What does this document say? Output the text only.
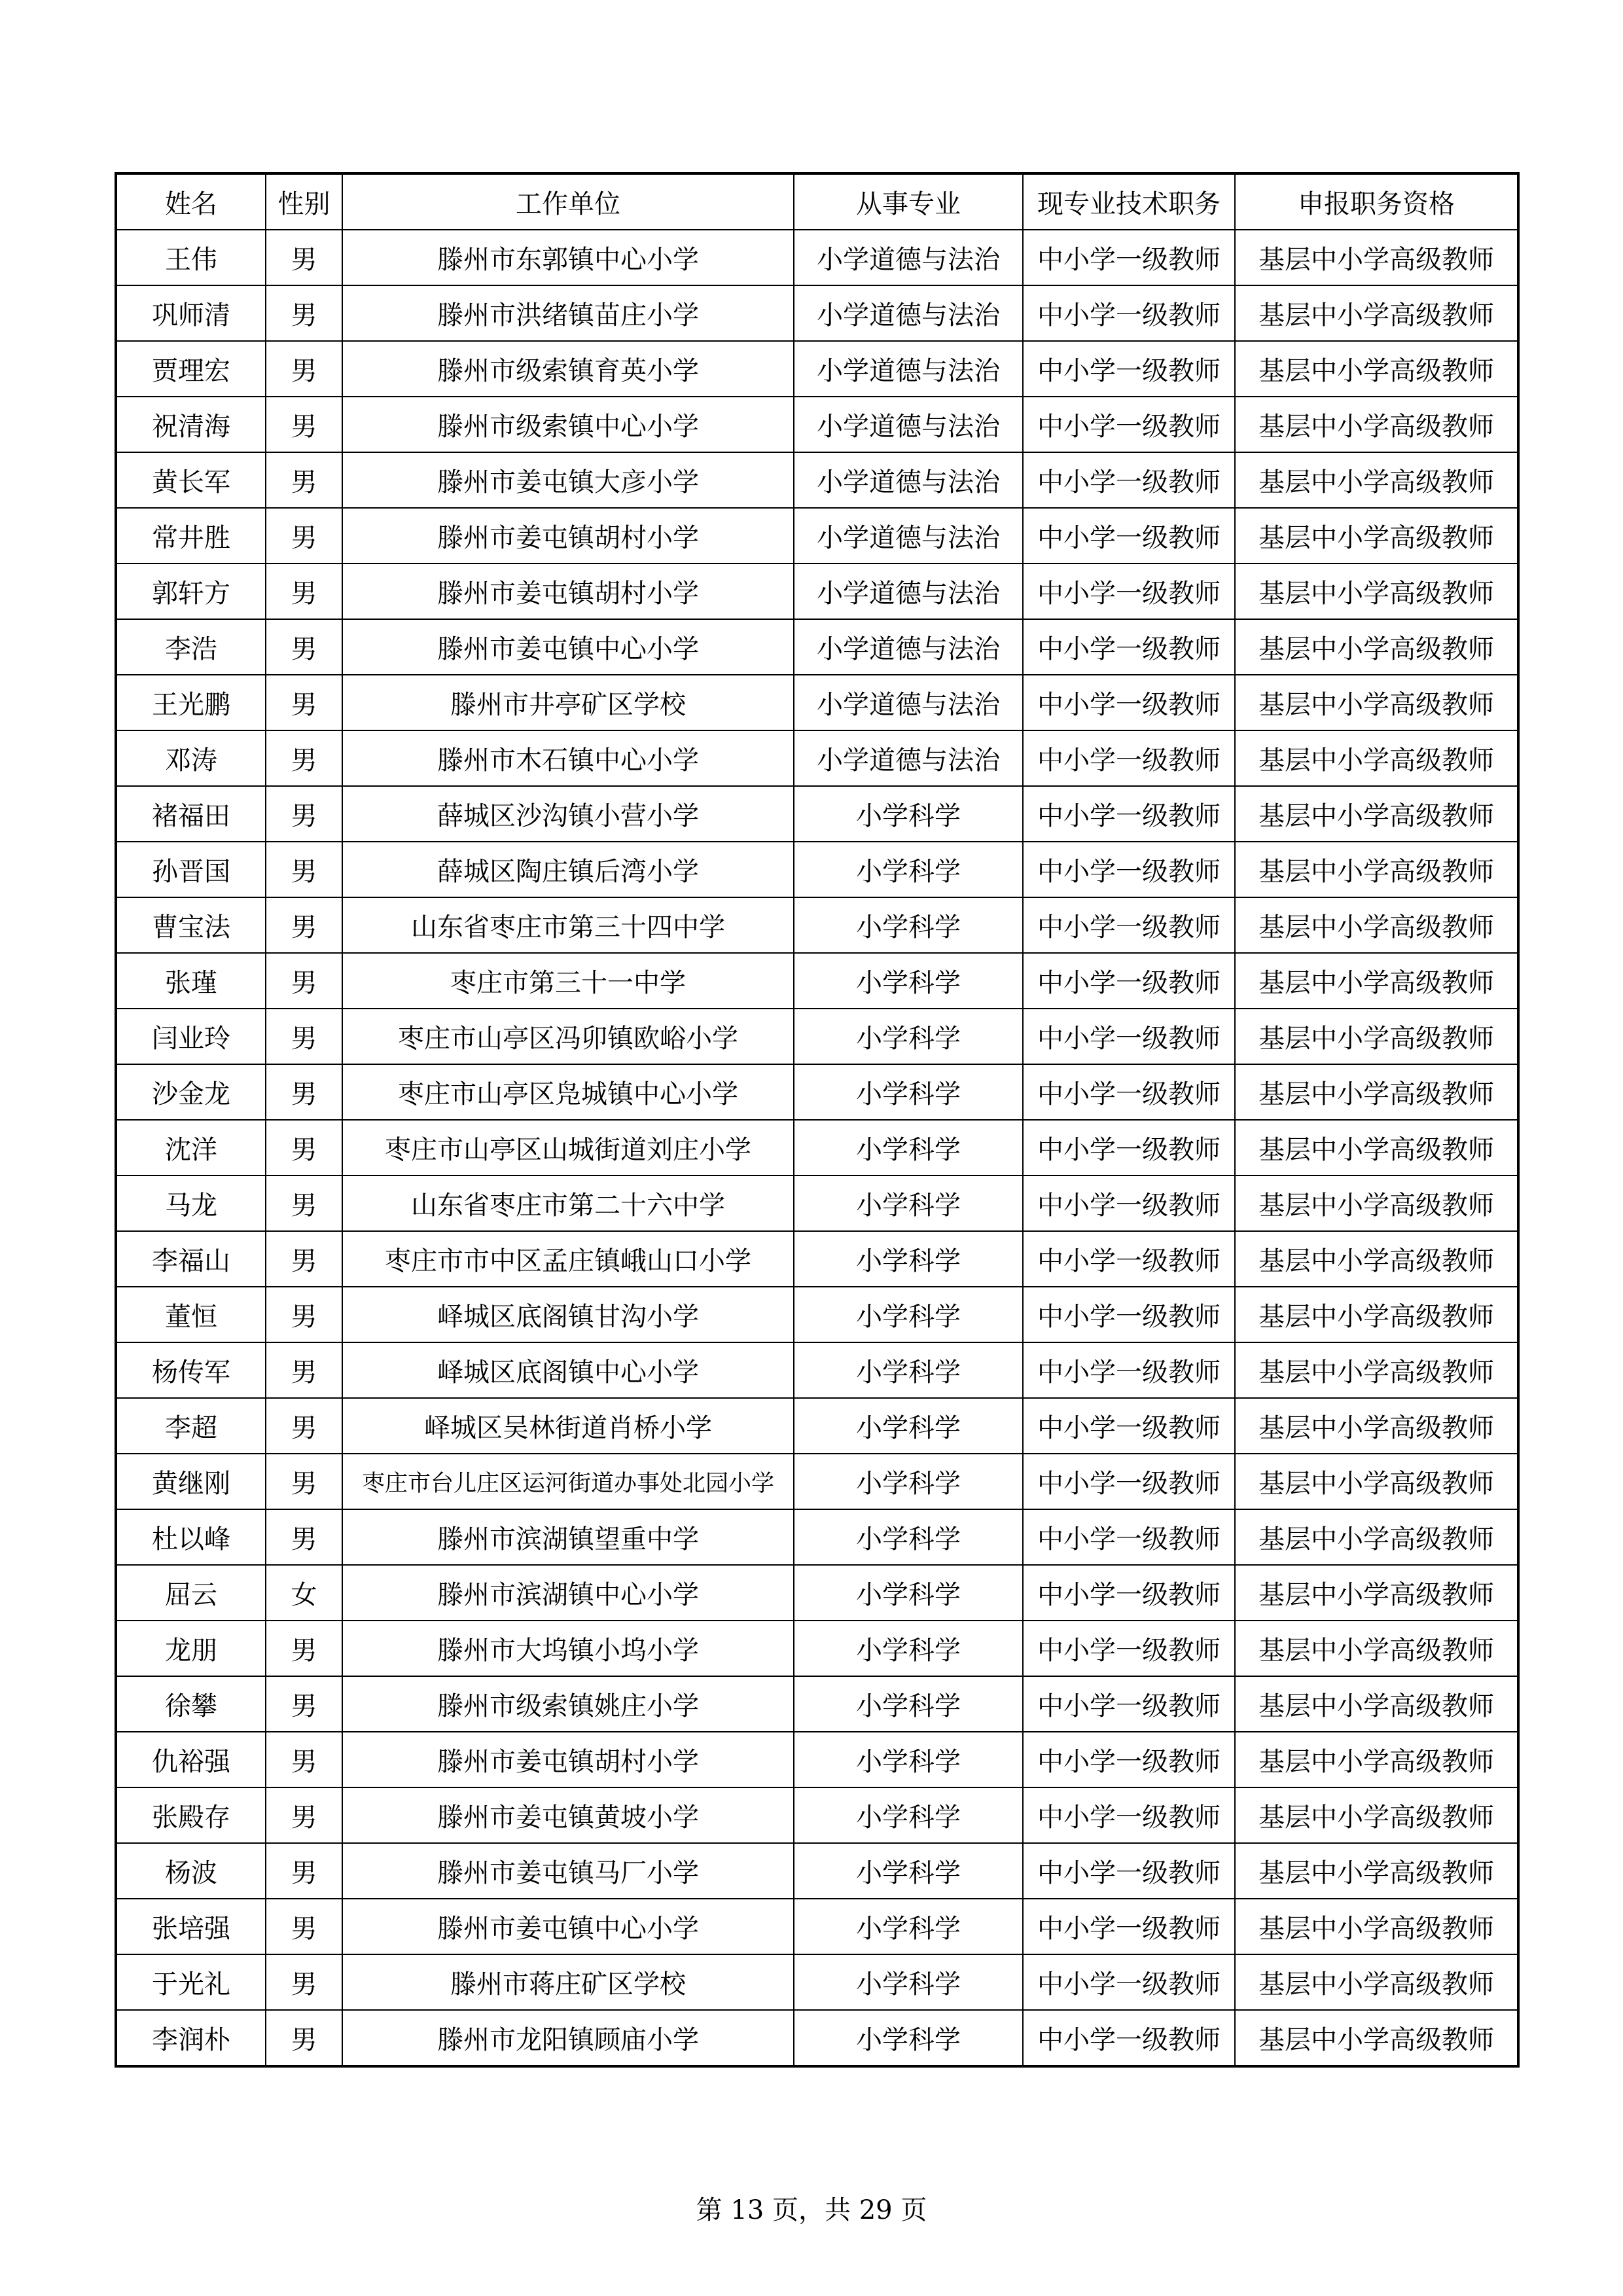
姓名	性别	工作单位	从事专业	现专业技术职务	申报职务资格
王伟	男	滕州市东郭镇中心小学	小学道德与法治	中小学一级教师	基层中小学高级教师
巩师清	男	滕州市洪绪镇苗庄小学	小学道德与法治	中小学一级教师	基层中小学高级教师
贾理宏	男	滕州市级索镇育英小学	小学道德与法治	中小学一级教师	基层中小学高级教师
祝清海	男	滕州市级索镇中心小学	小学道德与法治	中小学一级教师	基层中小学高级教师
黄长军	男	滕州市姜屯镇大彦小学	小学道德与法治	中小学一级教师	基层中小学高级教师
常井胜	男	滕州市姜屯镇胡村小学	小学道德与法治	中小学一级教师	基层中小学高级教师
郭轩方	男	滕州市姜屯镇胡村小学	小学道德与法治	中小学一级教师	基层中小学高级教师
李浩	男	滕州市姜屯镇中心小学	小学道德与法治	中小学一级教师	基层中小学高级教师
王光鹏	男	滕州市井亭矿区学校	小学道德与法治	中小学一级教师	基层中小学高级教师
邓涛	男	滕州市木石镇中心小学	小学道德与法治	中小学一级教师	基层中小学高级教师
褚福田	男	薛城区沙沟镇小营小学	小学科学	中小学一级教师	基层中小学高级教师
孙晋国	男	薛城区陶庄镇后湾小学	小学科学	中小学一级教师	基层中小学高级教师
曹宝法	男	山东省枣庄市第三十四中学	小学科学	中小学一级教师	基层中小学高级教师
张瑾	男	枣庄市第三十一中学	小学科学	中小学一级教师	基层中小学高级教师
闫业玲	男	枣庄市山亭区冯卯镇欧峪小学	小学科学	中小学一级教师	基层中小学高级教师
沙金龙	男	枣庄市山亭区凫城镇中心小学	小学科学	中小学一级教师	基层中小学高级教师
沈洋	男	枣庄市山亭区山城街道刘庄小学	小学科学	中小学一级教师	基层中小学高级教师
马龙	男	山东省枣庄市第二十六中学	小学科学	中小学一级教师	基层中小学高级教师
李福山	男	枣庄市市中区孟庄镇峨山口小学	小学科学	中小学一级教师	基层中小学高级教师
董恒	男	峄城区底阁镇甘沟小学	小学科学	中小学一级教师	基层中小学高级教师
杨传军	男	峄城区底阁镇中心小学	小学科学	中小学一级教师	基层中小学高级教师
李超	男	峄城区吴林街道肖桥小学	小学科学	中小学一级教师	基层中小学高级教师
黄继刚	男	枣庄市台儿庄区运河街道办事处北园小学	小学科学	中小学一级教师	基层中小学高级教师
杜以峰	男	滕州市滨湖镇望重中学	小学科学	中小学一级教师	基层中小学高级教师
屈云	女	滕州市滨湖镇中心小学	小学科学	中小学一级教师	基层中小学高级教师
龙朋	男	滕州市大坞镇小坞小学	小学科学	中小学一级教师	基层中小学高级教师
徐攀	男	滕州市级索镇姚庄小学	小学科学	中小学一级教师	基层中小学高级教师
仇裕强	男	滕州市姜屯镇胡村小学	小学科学	中小学一级教师	基层中小学高级教师
张殿存	男	滕州市姜屯镇黄坡小学	小学科学	中小学一级教师	基层中小学高级教师
杨波	男	滕州市姜屯镇马厂小学	小学科学	中小学一级教师	基层中小学高级教师
张培强	男	滕州市姜屯镇中心小学	小学科学	中小学一级教师	基层中小学高级教师
于光礼	男	滕州市蒋庄矿区学校	小学科学	中小学一级教师	基层中小学高级教师
李润朴	男	滕州市龙阳镇顾庙小学	小学科学	中小学一级教师	基层中小学高级教师
第 13 页，共 29 页
